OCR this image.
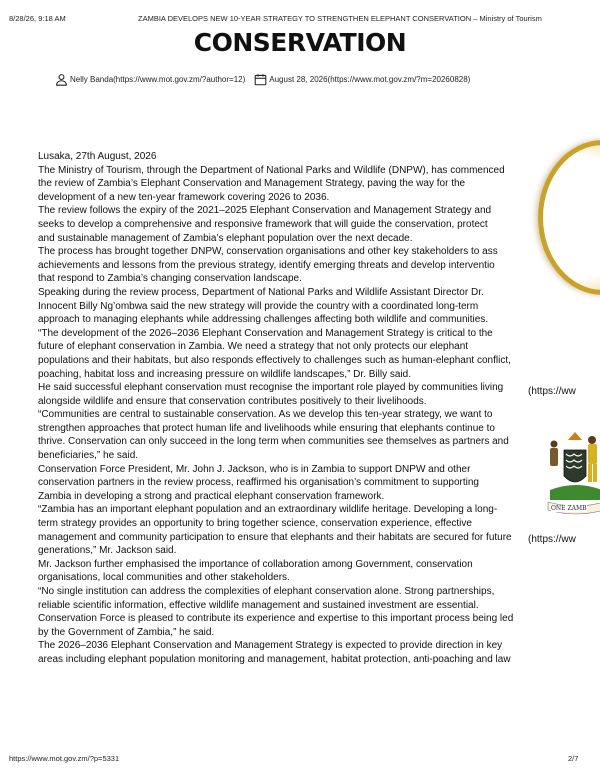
8/28/26, 9:18 AM	ZAMBIA DEVELOPS NEW 10-YEAR STRATEGY TO STRENGTHEN ELEPHANT CONSERVATION – Ministry of Tourism
CONSERVATION
Nelly Banda(https://www.mot.gov.zm/?author=12)	August 28, 2026(https://www.mot.gov.zm/?m=20260828)

Lusaka, 27th August, 2026

The Ministry of Tourism, through the Department of National Parks and Wildlife (DNPW), has commenced

the review of Zambia’s Elephant Conservation and Management Strategy, paving the way for the

development of a new ten-year framework covering 2026 to 2036.

The review follows the expiry of the 2021–2025 Elephant Conservation and Management Strategy and

seeks to develop a comprehensive and responsive framework that will guide the conservation, protect

and sustainable management of Zambia’s elephant population over the next decade.

The process has brought together DNPW, conservation organisations and other key stakeholders to ass

achievements and lessons from the previous strategy, identify emerging threats and develop interventio

that respond to Zambia’s changing conservation landscape.

Speaking during the review process, Department of National Parks and Wildlife Assistant Director Dr.

Innocent Billy Ng’ombwa said the new strategy will provide the country with a coordinated long-term

approach to managing elephants while addressing challenges affecting both wildlife and communities.

“The development of the 2026–2036 Elephant Conservation and Management Strategy is critical to the

future of elephant conservation in Zambia. We need a strategy that not only protects our elephant

populations and their habitats, but also responds effectively to challenges such as human-elephant conflict,

poaching, habitat loss and increasing pressure on wildlife landscapes,” Dr. Billy said.

He said successful elephant conservation must recognise the important role played by communities living

alongside wildlife and ensure that conservation contributes positively to their livelihoods.

“Communities are central to sustainable conservation. As we develop this ten-year strategy, we want to

strengthen approaches that protect human life and livelihoods while ensuring that elephants continue to

thrive. Conservation can only succeed in the long term when communities see themselves as partners and

beneficiaries,” he said.

Conservation Force President, Mr. John J. Jackson, who is in Zambia to support DNPW and other

conservation partners in the review process, reaffirmed his organisation’s commitment to supporting

Zambia in developing a strong and practical elephant conservation framework.

“Zambia has an important elephant population and an extraordinary wildlife heritage. Developing a long-

term strategy provides an opportunity to bring together science, conservation experience, effective

management and community participation to ensure that elephants and their habitats are secured for future

generations,” Mr. Jackson said.

Mr. Jackson further emphasised the importance of collaboration among Government, conservation

organisations, local communities and other stakeholders.

“No single institution can address the complexities of elephant conservation alone. Strong partnerships,

reliable scientific information, effective wildlife management and sustained investment are essential.

Conservation Force is pleased to contribute its experience and expertise to this important process being led

by the Government of Zambia,” he said.

The 2026–2036 Elephant Conservation and Management Strategy is expected to provide direction in key

areas including elephant population monitoring and management, habitat protection, anti-poaching and law

(https://ww
ONE ZAMB
(https://ww
https://www.mot.gov.zm/?p=5331	2/7
